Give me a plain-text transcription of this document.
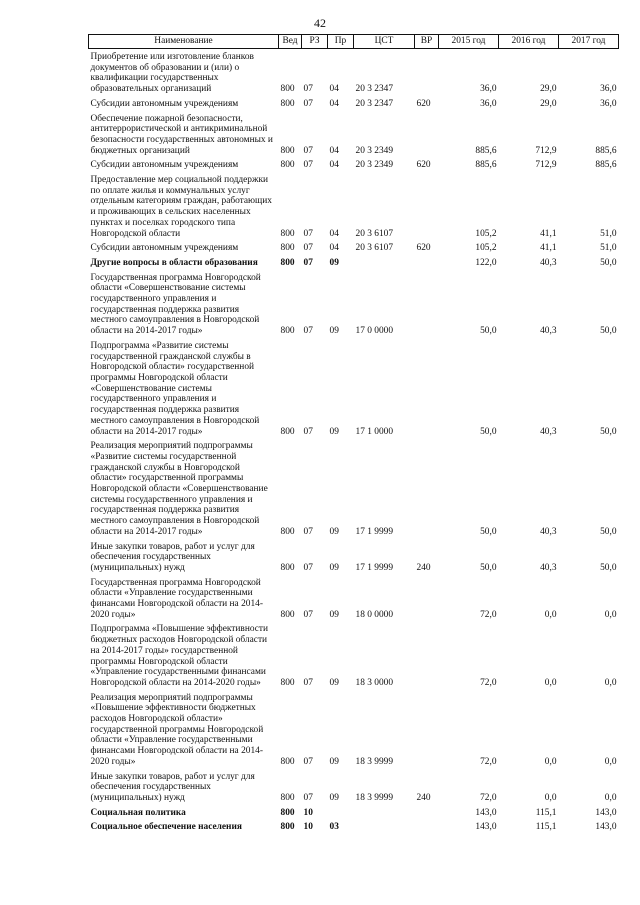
42
Наименование	Вед	РЗ	Пр	ЦСТ	ВР	2015 год	2016 год	2017 год
Приобретение или изготовление бланков документов об образовании и (или) о квалификации государственных образовательных организаций	800	07	04	20 3 2347		36,0	29,0	36,0
Субсидии автономным учреждениям	800	07	04	20 3 2347	620	36,0	29,0	36,0
Обеспечение пожарной безопасности, антитеррористической и антикриминальной безопасности государственных автономных и бюджетных организаций	800	07	04	20 3 2349		885,6	712,9	885,6
Субсидии автономным учреждениям	800	07	04	20 3 2349	620	885,6	712,9	885,6
Предоставление мер социальной поддержки по оплате жилья и коммунальных услуг отдельным категориям граждан, работающих и проживающих в сельских населенных пунктах и поселках городского типа Новгородской области	800	07	04	20 3 6107		105,2	41,1	51,0
Субсидии автономным учреждениям	800	07	04	20 3 6107	620	105,2	41,1	51,0
Другие вопросы в области образования	800	07	09			122,0	40,3	50,0
Государственная программа Новгородской области «Совершенствование системы государственного управления и государственная поддержка развития местного самоуправления в Новгородской области на 2014-2017 годы»	800	07	09	17 0 0000		50,0	40,3	50,0
Подпрограмма «Развитие системы государственной гражданской службы в Новгородской области» государственной программы Новгородской области «Совершенствование системы государственного управления и государственная поддержка развития местного самоуправления в Новгородской области на 2014-2017 годы»	800	07	09	17 1 0000		50,0	40,3	50,0
Реализация мероприятий подпрограммы «Развитие системы государственной гражданской службы в Новгородской области» государственной программы Новгородской области «Совершенствование системы государственного управления и государственная поддержка развития местного самоуправления в Новгородской области на 2014-2017 годы»	800	07	09	17 1 9999		50,0	40,3	50,0
Иные закупки товаров, работ и услуг для обеспечения государственных (муниципальных) нужд	800	07	09	17 1 9999	240	50,0	40,3	50,0
Государственная программа Новгородской области «Управление государственными финансами Новгородской области на 2014-2020 годы»	800	07	09	18 0 0000		72,0	0,0	0,0
Подпрограмма «Повышение эффективности бюджетных расходов Новгородской области на 2014-2017 годы» государственной программы Новгородской области «Управление государственными финансами Новгородской области на 2014-2020 годы»	800	07	09	18 3 0000		72,0	0,0	0,0
Реализация мероприятий подпрограммы «Повышение эффективности бюджетных расходов Новгородской области» государственной программы Новгородской области «Управление государственными финансами Новгородской области на 2014-2020 годы»	800	07	09	18 3 9999		72,0	0,0	0,0
Иные закупки товаров, работ и услуг для обеспечения государственных (муниципальных) нужд	800	07	09	18 3 9999	240	72,0	0,0	0,0
Социальная политика	800	10				143,0	115,1	143,0
Социальное обеспечение населения	800	10	03			143,0	115,1	143,0
